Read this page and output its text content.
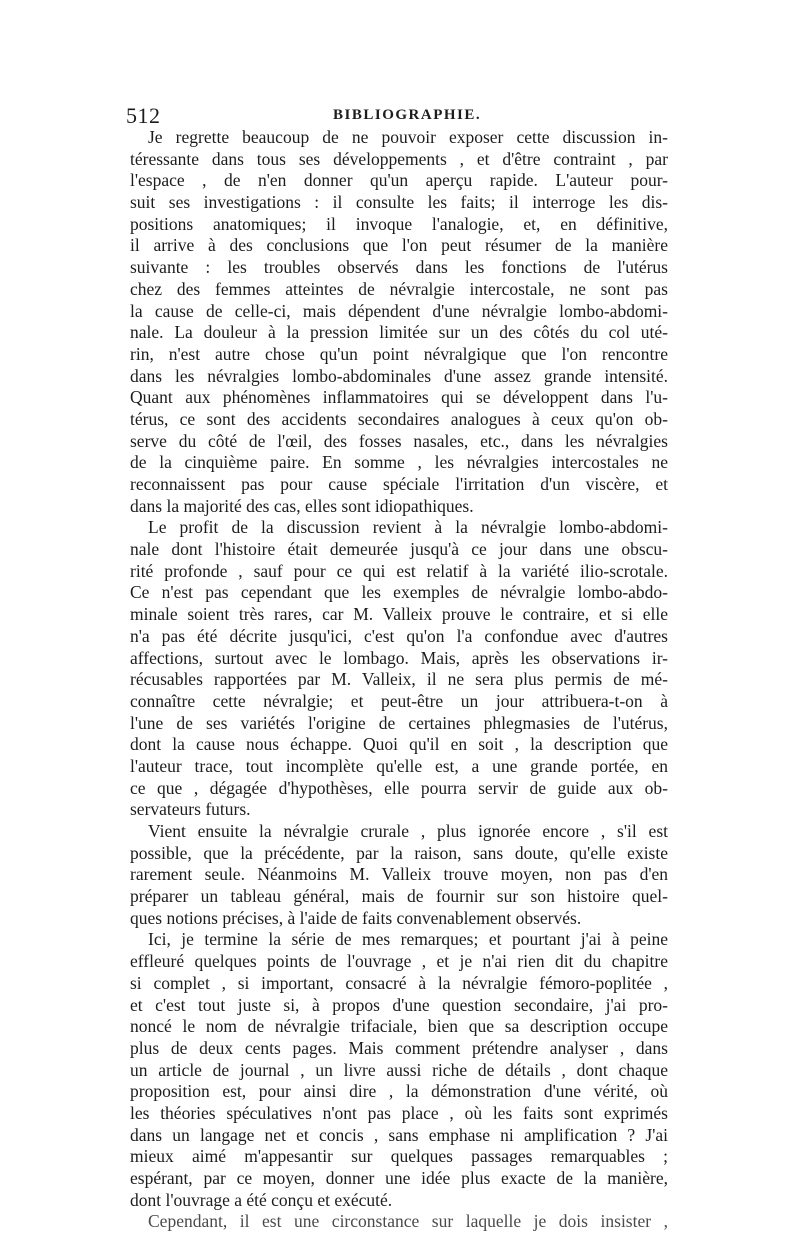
512	BIBLIOGRAPHIE.
Je regrette beaucoup de ne pouvoir exposer cette discussion in-
téressante dans tous ses développements , et d'être contraint , par
l'espace , de n'en donner qu'un aperçu rapide. L'auteur pour-
suit ses investigations : il consulte les faits; il interroge les dis-
positions anatomiques; il invoque l'analogie, et, en définitive,
il arrive à des conclusions que l'on peut résumer de la manière
suivante : les troubles observés dans les fonctions de l'utérus
chez des femmes atteintes de névralgie intercostale, ne sont pas
la cause de celle-ci, mais dépendent d'une névralgie lombo-abdomi-
nale. La douleur à la pression limitée sur un des côtés du col uté-
rin, n'est autre chose qu'un point névralgique que l'on rencontre
dans les névralgies lombo-abdominales d'une assez grande intensité.
Quant aux phénomènes inflammatoires qui se développent dans l'u-
térus, ce sont des accidents secondaires analogues à ceux qu'on ob-
serve du côté de l'œil, des fosses nasales, etc., dans les névralgies
de la cinquième paire. En somme , les névralgies intercostales ne
reconnaissent pas pour cause spéciale l'irritation d'un viscère, et
dans la majorité des cas, elles sont idiopathiques.
Le profit de la discussion revient à la névralgie lombo-abdomi-
nale dont l'histoire était demeurée jusqu'à ce jour dans une obscu-
rité profonde , sauf pour ce qui est relatif à la variété ilio-scrotale.
Ce n'est pas cependant que les exemples de névralgie lombo-abdo-
minale soient très rares, car M. Valleix prouve le contraire, et si elle
n'a pas été décrite jusqu'ici, c'est qu'on l'a confondue avec d'autres
affections, surtout avec le lombago. Mais, après les observations ir-
récusables rapportées par M. Valleix, il ne sera plus permis de mé-
connaître cette névralgie; et peut-être un jour attribuera-t-on à
l'une de ses variétés l'origine de certaines phlegmasies de l'utérus,
dont la cause nous échappe. Quoi qu'il en soit , la description que
l'auteur trace, tout incomplète qu'elle est, a une grande portée, en
ce que , dégagée d'hypothèses, elle pourra servir de guide aux ob-
servateurs futurs.
Vient ensuite la névralgie crurale , plus ignorée encore , s'il est
possible, que la précédente, par la raison, sans doute, qu'elle existe
rarement seule. Néanmoins M. Valleix trouve moyen, non pas d'en
préparer un tableau général, mais de fournir sur son histoire quel-
ques notions précises, à l'aide de faits convenablement observés.
Ici, je termine la série de mes remarques; et pourtant j'ai à peine
effleuré quelques points de l'ouvrage , et je n'ai rien dit du chapitre
si complet , si important, consacré à la névralgie fémoro-poplitée ,
et c'est tout juste si, à propos d'une question secondaire, j'ai pro-
noncé le nom de névralgie trifaciale, bien que sa description occupe
plus de deux cents pages. Mais comment prétendre analyser , dans
un article de journal , un livre aussi riche de détails , dont chaque
proposition est, pour ainsi dire , la démonstration d'une vérité, où
les théories spéculatives n'ont pas place , où les faits sont exprimés
dans un langage net et concis , sans emphase ni amplification ? J'ai
mieux aimé m'appesantir sur quelques passages remarquables ;
espérant, par ce moyen, donner une idée plus exacte de la manière,
dont l'ouvrage a été conçu et exécuté.
Cependant, il est une circonstance sur laquelle je dois insister ,
